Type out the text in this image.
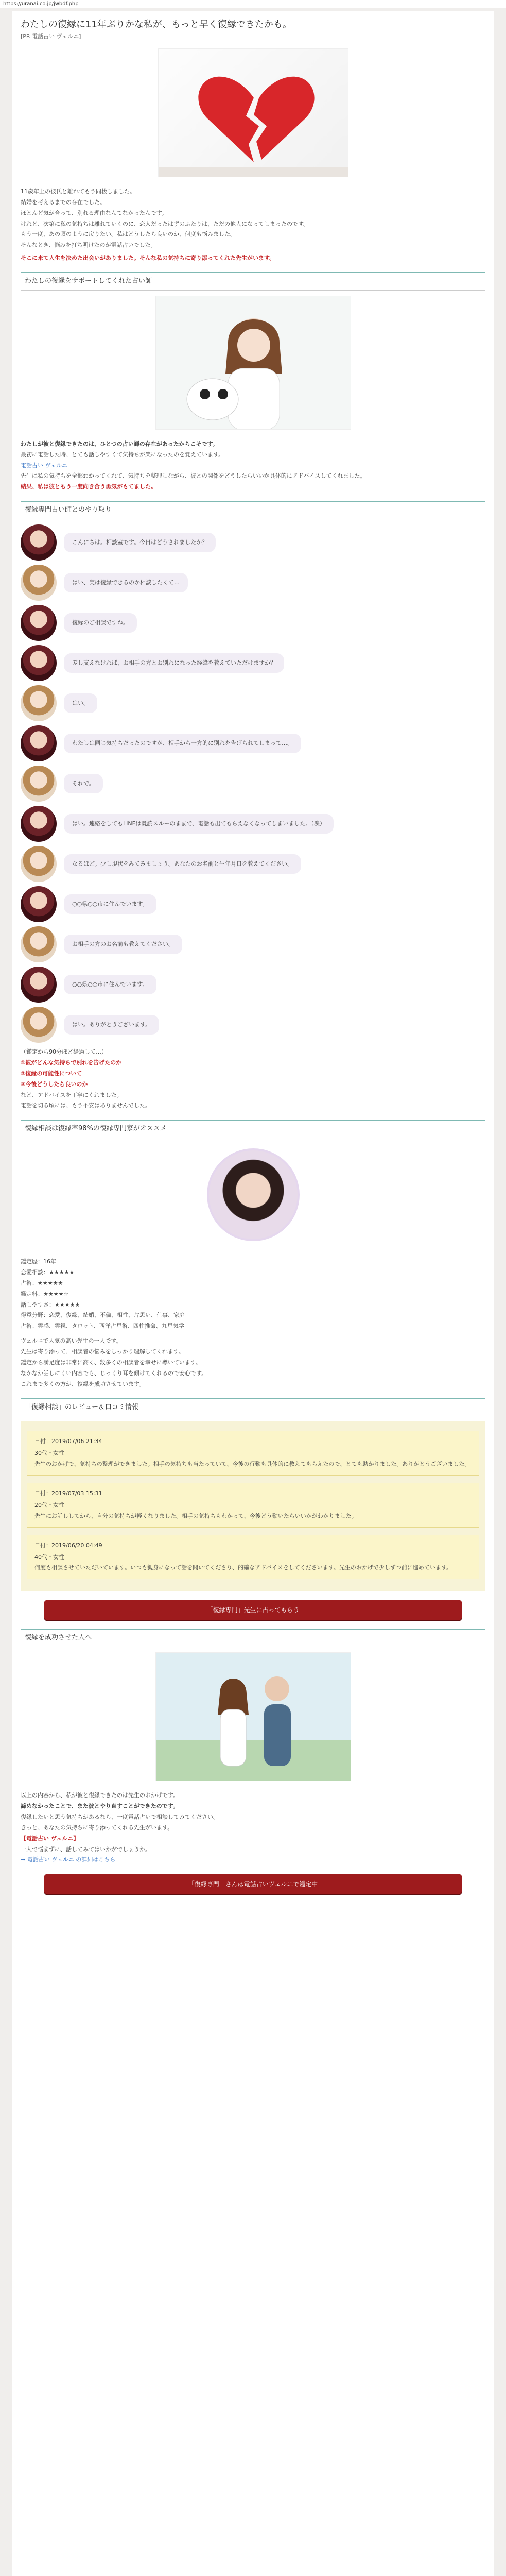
https://uranai.co.jp/jwbdf.php
わたしの復縁に11年ぶりかな私が、もっと早く復縁できたかも。
[PR 電話占い ヴェルニ]

11歳年上の彼氏と離れてもう同棲しました。

結婚を考えるまでの存在でした。

ほとんど気が合って、別れる理由なんてなかったんです。

けれど、次第に私の気持ちは離れていくのに、恋人だったはずのふたりは、ただの他人になってしまったのです。

もう一度、あの頃のように戻りたい。私はどうしたら良いのか、何度も悩みました。

そんなとき、悩みを打ち明けたのが電話占いでした。

そこに来て人生を決めた出会いがありました。そんな私の気持ちに寄り添ってくれた先生がいます。

わたしの復縁をサポートしてくれた占い師

わたしが彼と復縁できたのは、ひとつの占い師の存在があったからこそです。

最初に電話した時、とても話しやすくて気持ちが楽になったのを覚えています。

電話占い ヴェルニ

先生は私の気持ちを全部わかってくれて、気持ちを整理しながら、彼との関係をどうしたらいいか具体的にアドバイスしてくれました。

結果、私は彼ともう一度向き合う勇気がもてました。

復縁専門占い師とのやり取り
こんにちは。相談室です。今日はどうされましたか？
はい、実は復縁できるのか相談したくて…
復縁のご相談ですね。
差し支えなければ、お相手の方とお別れになった経緯を教えていただけますか？
はい。
わたしは同じ気持ちだったのですが、相手から一方的に別れを告げられてしまって…。
それで。
はい。連絡をしてもLINEは既読スルーのままで、電話も出てもらえなくなってしまいました。（涙）
なるほど。少し現状をみてみましょう。あなたのお名前と生年月日を教えてください。
○○県○○市に住んでいます。
お相手の方のお名前も教えてください。
○○県○○市に住んでいます。
はい。ありがとうございます。

（鑑定から90分ほど経過して…）

①彼がどんな気持ちで別れを告げたのか

②復縁の可能性について

③今後どうしたら良いのか

など、アドバイスを丁寧にくれました。

電話を切る頃には、もう不安はありませんでした。

復縁相談は復縁率98%の復縁専門家がオススメ

鑑定歴：16年

恋愛相談：★★★★★

占術：★★★★★

鑑定料：★★★★☆

話しやすさ：★★★★★

得意分野：恋愛、復縁、結婚、不倫、相性、片思い、仕事、家庭

占術：霊感、霊視、タロット、西洋占星術、四柱推命、九星気学

ヴェルニで人気の高い先生の一人です。

先生は寄り添って、相談者の悩みをしっかり理解してくれます。

鑑定から満足度は非常に高く、数多くの相談者を幸せに導いています。

なかなか話しにくい内容でも、じっくり耳を傾けてくれるので安心です。

これまで多くの方が、復縁を成功させています。

「復縁相談」のレビュー＆口コミ情報
日付：2019/07/06 21:34
30代・女性

先生のおかげで、気持ちの整理ができました。相手の気持ちも当たっていて、今後の行動も具体的に教えてもらえたので、とても助かりました。ありがとうございました。

日付：2019/07/03 15:31
20代・女性

先生にお話ししてから、自分の気持ちが軽くなりました。相手の気持ちもわかって、今後どう動いたらいいかがわかりました。

日付：2019/06/20 04:49
40代・女性

何度も相談させていただいています。いつも親身になって話を聞いてくださり、的確なアドバイスをしてくださいます。先生のおかげで少しずつ前に進めています。

「復縁専門」先生に占ってもらう
復縁を成功させた人へ

以上の内容から、私が彼と復縁できたのは先生のおかげです。

諦めなかったことで、また彼とやり直すことができたのです。

復縁したいと思う気持ちがあるなら、一度電話占いで相談してみてください。

きっと、あなたの気持ちに寄り添ってくれる先生がいます。

【電話占い ヴェルニ】

一人で悩まずに、話してみてはいかがでしょうか。

→ 電話占い ヴェルニ の詳細はこちら

「復縁専門」さんは電話占いヴェルニで鑑定中
